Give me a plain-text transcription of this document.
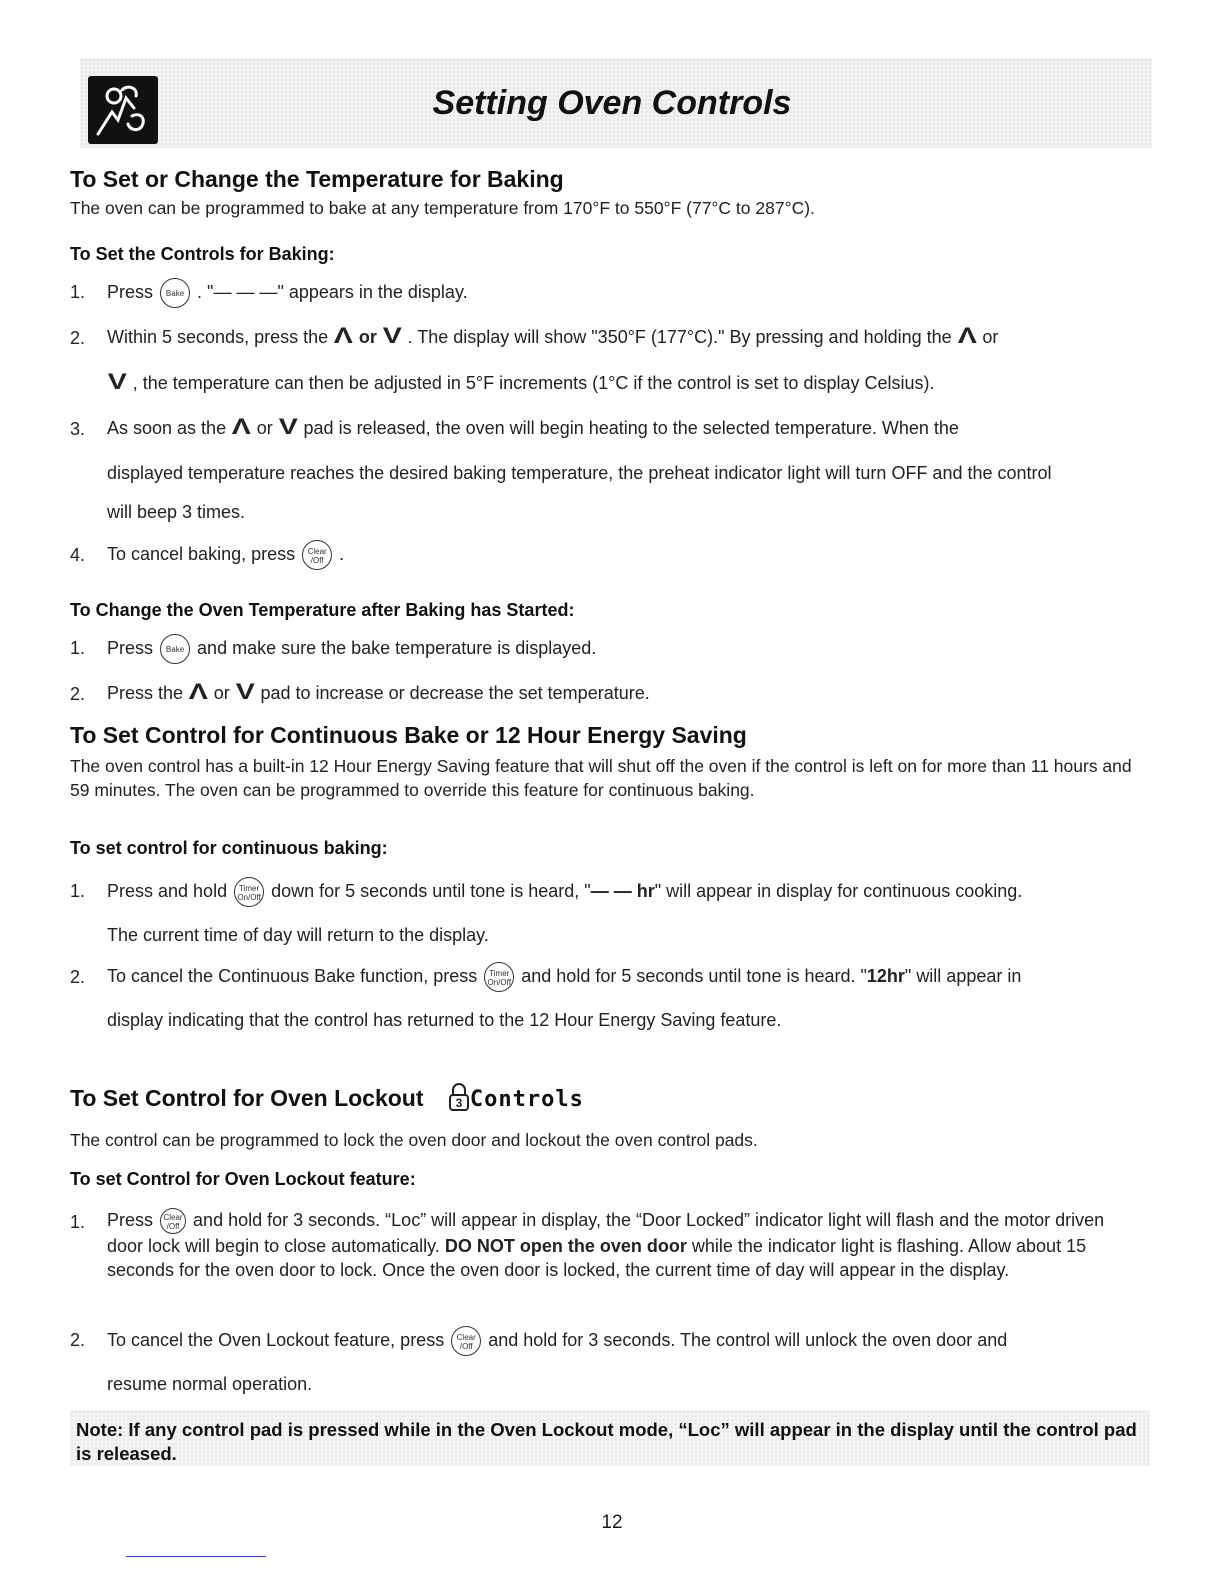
Setting Oven Controls
To Set or Change the Temperature for Baking
The oven can be programmed to bake at any temperature from 170°F to 550°F (77°C to 287°C).
To Set the Controls for Baking:
1. Press Bake . "— — —" appears in the display.
2. Within 5 seconds, press the Λ or V . The display will show "350°F (177°C)." By pressing and holding the Λ or
V , the temperature can then be adjusted in 5°F increments (1°C if the control is set to display Celsius).
3. As soon as the Λ or V pad is released, the oven will begin heating to the selected temperature. When the
displayed temperature reaches the desired baking temperature, the preheat indicator light will turn OFF and the control
will beep 3 times.
4. To cancel baking, press Clear
/Off .
To Change the Oven Temperature after Baking has Started:
1. Press Bake and make sure the bake temperature is displayed.
2. Press the Λ or V pad to increase or decrease the set temperature.
To Set Control for Continuous Bake or 12 Hour Energy Saving
The oven control has a built-in 12 Hour Energy Saving feature that will shut off the oven if the control is left on for more than 11 hours and 59 minutes. The oven can be programmed to override this feature for continuous baking.
To set control for continuous baking:
1. Press and hold Timer
On/Off down for 5 seconds until tone is heard, "— — hr" will appear in display for continuous cooking.
The current time of day will return to the display.
2. To cancel the Continuous Bake function, press Timer
On/Off and hold for 5 seconds until tone is heard. "12hr" will appear in
display indicating that the control has returned to the 12 Hour Energy Saving feature.
To Set Control for Oven Lockout	3 Controls
The control can be programmed to lock the oven door and lockout the oven control pads.
To set Control for Oven Lockout feature:
1. Press Clear
/Off and hold for 3 seconds. “Loc” will appear in display, the “Door Locked” indicator light will flash and the motor driven door lock will begin to close automatically. DO NOT open the oven door while the indicator light is flashing. Allow about 15 seconds for the oven door to lock. Once the oven door is locked, the current time of day will appear in the display.
2. To cancel the Oven Lockout feature, press Clear
/Off and hold for 3 seconds. The control will unlock the oven door and
resume normal operation.
Note: If any control pad is pressed while in the Oven Lockout mode, “Loc” will appear in the display until the control pad is released.
12
